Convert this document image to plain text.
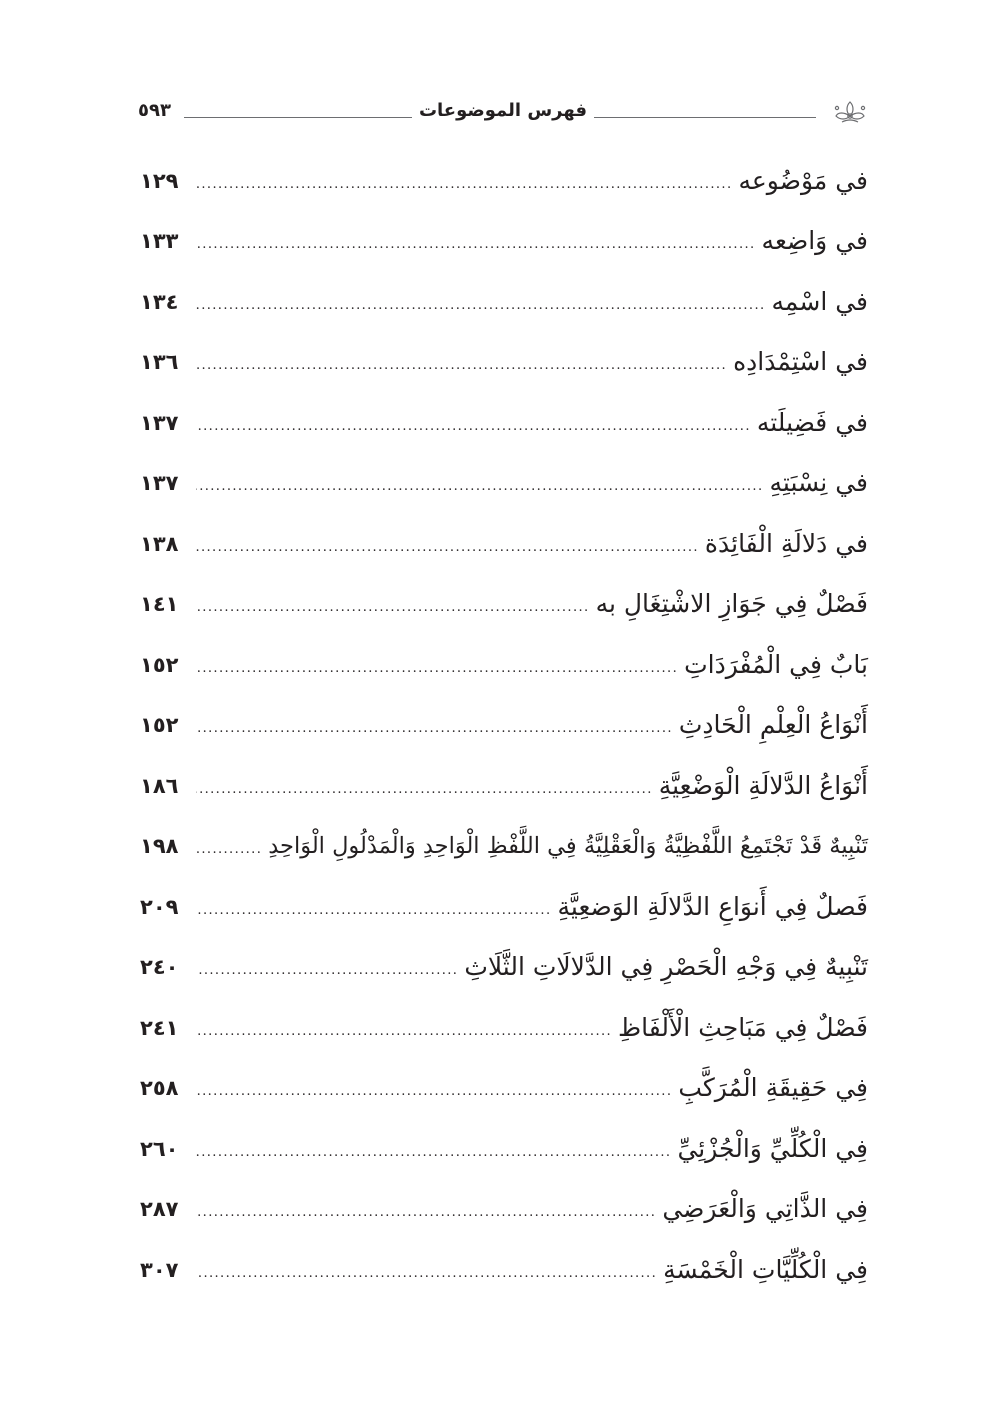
فهرس الموضوعات
٥٩٣
في مَوْضُوعه
.....
١٢٩
في وَاضِعه
.....
١٣٣
في اسْمِه
.....
١٣٤
في اسْتِمْدَادِه
.....
١٣٦
في فَضِيلَته
.....
١٣٧
في نِسْبَتِهِ
.....
١٣٧
في دَلالَةِ الْفَائِدَة
.....
١٣٨
فَصْلٌ فِي جَوَازِ الاشْتِغَالِ به
.....
١٤١
بَابٌ فِي الْمُفْرَدَاتِ
.....
١٥٢
أَنْوَاعُ الْعِلْمِ الْحَادِثِ
.....
١٥٢
أَنْوَاعُ الدَّلالَةِ الْوَضْعِيَّةِ
.....
١٨٦
تَنْبِيهٌ قَدْ تَجْتَمِعُ اللَّفْظِيَّةُ وَالْعَقْلِيَّةُ فِي اللَّفْظِ الْوَاحِدِ وَالْمَدْلُولِ الْوَاحِدِ
.....
١٩٨
فَصلٌ فِي أَنوَاعِ الدَّلالَةِ الوَضعِيَّةِ
.....
٢٠٩
تَنْبِيهٌ فِي وَجْهِ الْحَصْرِ فِي الدَّلالَاتِ الثَّلَاثِ
.....
٢٤٠
فَصْلٌ فِي مَبَاحِثِ الْأَلْفَاظِ
.....
٢٤١
فِي حَقِيقَةِ الْمُرَكَّبِ
.....
٢٥٨
فِي الْكُلِّيِّ وَالْجُزْئِيِّ
.....
٢٦٠
فِي الذَّاتِي وَالْعَرَضِي
.....
٢٨٧
فِي الْكُلِّيَّاتِ الْخَمْسَةِ
.....
٣٠٧
